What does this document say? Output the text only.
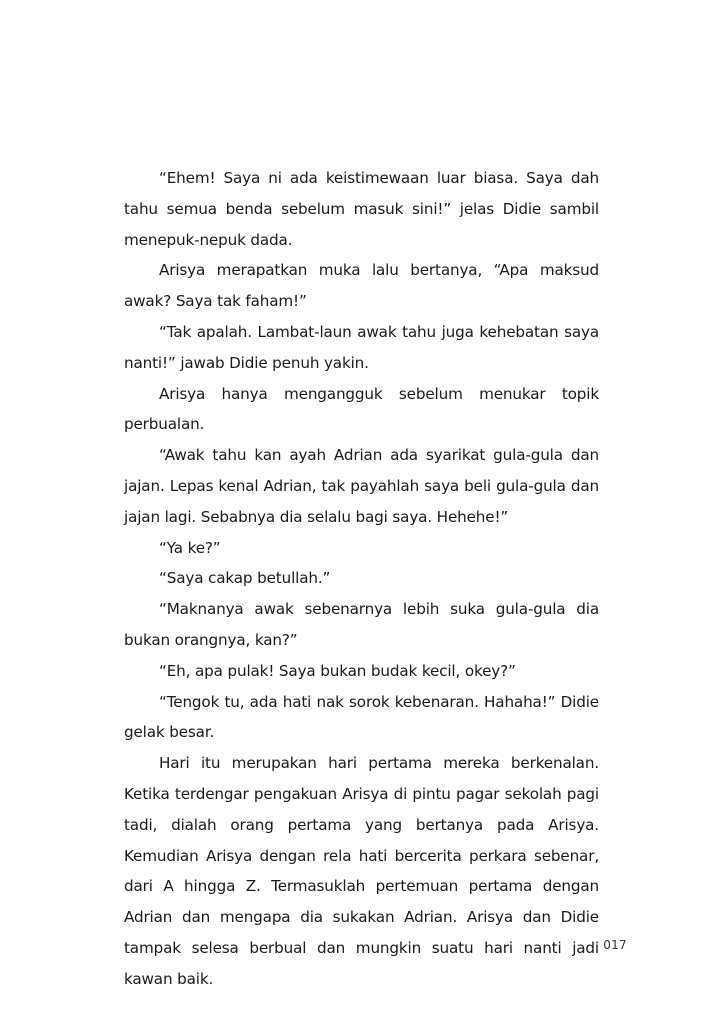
“Ehem! Saya ni ada keistimewaan luar biasa. Saya dah tahu semua benda sebelum masuk sini!” jelas Didie sambil menepuk-nepuk dada.

Arisya merapatkan muka lalu bertanya, “Apa maksud awak? Saya tak faham!”

“Tak apalah. Lambat-laun awak tahu juga kehebatan saya nanti!” jawab Didie penuh yakin.

Arisya hanya mengangguk sebelum menukar topik perbualan.

“Awak tahu kan ayah Adrian ada syarikat gula-gula dan jajan. Lepas kenal Adrian, tak payahlah saya beli gula-gula dan jajan lagi. Sebabnya dia selalu bagi saya. Hehehe!”

“Ya ke?”

“Saya cakap betullah.”

“Maknanya awak sebenarnya lebih suka gula-gula dia bukan orangnya, kan?”

“Eh, apa pulak! Saya bukan budak kecil, okey?”

“Tengok tu, ada hati nak sorok kebenaran. Hahaha!” Didie gelak besar.

Hari itu merupakan hari pertama mereka berkenalan. Ketika terdengar pengakuan Arisya di pintu pagar sekolah pagi tadi, dialah orang pertama yang bertanya pada Arisya. Kemudian Arisya dengan rela hati bercerita perkara sebenar, dari A hingga Z. Termasuklah pertemuan pertama dengan Adrian dan mengapa dia sukakan Adrian. Arisya dan Didie tampak selesa berbual dan mungkin suatu hari nanti jadi kawan baik.

017
